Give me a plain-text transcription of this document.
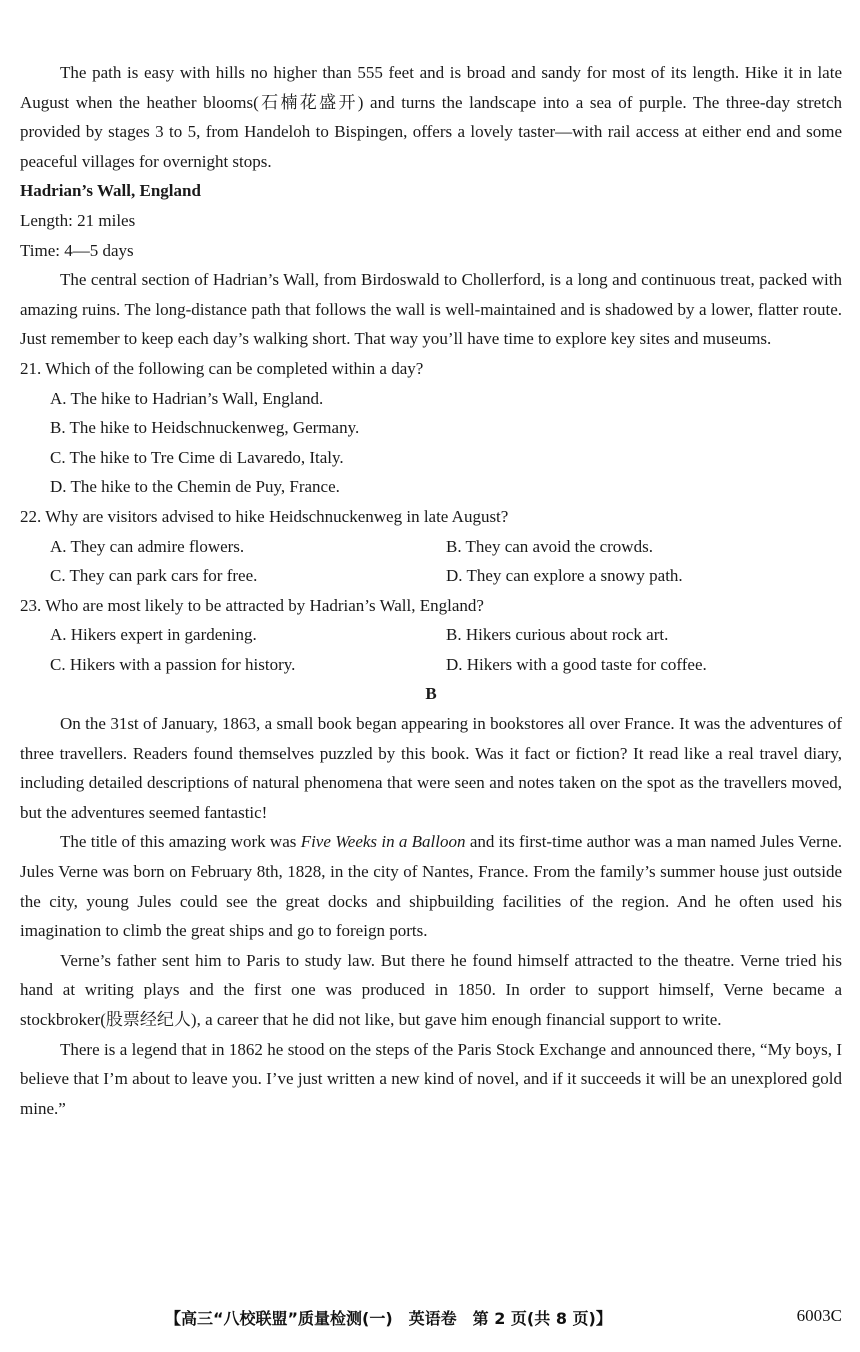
The path is easy with hills no higher than 555 feet and is broad and sandy for most of its length. Hike it in late August when the heather blooms(石楠花盛开) and turns the landscape into a sea of purple. The three-day stretch provided by stages 3 to 5, from Handeloh to Bispingen, offers a lovely taster—with rail access at either end and some peaceful villages for overnight stops.

Hadrian’s Wall, England

Length: 21 miles

Time: 4—5 days

The central section of Hadrian’s Wall, from Birdoswald to Chollerford, is a long and continuous treat, packed with amazing ruins. The long-distance path that follows the wall is well-maintained and is shadowed by a lower, flatter route. Just remember to keep each day’s walking short. That way you’ll have time to explore key sites and museums.

21. Which of the following can be completed within a day?

A. The hike to Hadrian’s Wall, England.

B. The hike to Heidschnuckenweg, Germany.

C. The hike to Tre Cime di Lavaredo, Italy.

D. The hike to the Chemin de Puy, France.

22. Why are visitors advised to hike Heidschnuckenweg in late August?

A. They can admire flowers.	B. They can avoid the crowds.
C. They can park cars for free.	D. They can explore a snowy path.

23. Who are most likely to be attracted by Hadrian’s Wall, England?

A. Hikers expert in gardening.	B. Hikers curious about rock art.
C. Hikers with a passion for history.	D. Hikers with a good taste for coffee.

B

On the 31st of January, 1863, a small book began appearing in bookstores all over France. It was the adventures of three travellers. Readers found themselves puzzled by this book. Was it fact or fiction? It read like a real travel diary, including detailed descriptions of natural phenomena that were seen and notes taken on the spot as the travellers moved, but the adventures seemed fantastic!

The title of this amazing work was Five Weeks in a Balloon and its first-time author was a man named Jules Verne. Jules Verne was born on February 8th, 1828, in the city of Nantes, France. From the family’s summer house just outside the city, young Jules could see the great docks and shipbuilding facilities of the region. And he often used his imagination to climb the great ships and go to foreign ports.

Verne’s father sent him to Paris to study law. But there he found himself attracted to the theatre. Verne tried his hand at writing plays and the first one was produced in 1850. In order to support himself, Verne became a stockbroker(股票经纪人), a career that he did not like, but gave him enough financial support to write.

There is a legend that in 1862 he stood on the steps of the Paris Stock Exchange and announced there, “My boys, I believe that I’m about to leave you. I’ve just written a new kind of novel, and if it succeeds it will be an unexplored gold mine.”

【高三“八校联盟”质量检测(一)　英语卷　第 2 页(共 8 页)】	6003C
